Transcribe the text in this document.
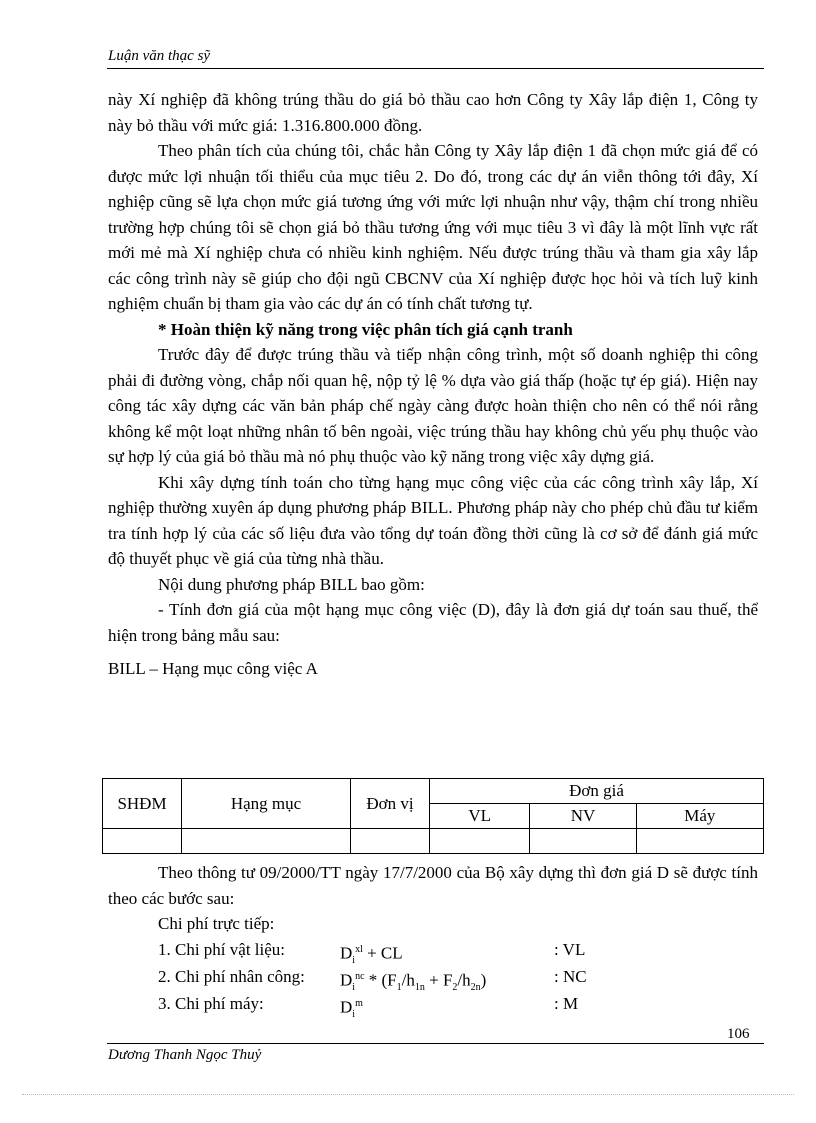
Luận văn thạc sỹ

này Xí nghiệp đã không trúng thầu do giá bỏ thầu cao hơn Công ty Xây lắp điện 1, Công ty này bỏ thầu với mức giá: 1.316.800.000 đồng.

Theo phân tích của chúng tôi, chắc hẳn Công ty Xây lắp điện 1 đã chọn mức giá để có được mức lợi nhuận tối thiểu của mục tiêu 2. Do đó, trong các dự án viễn thông tới đây, Xí nghiệp cũng sẽ lựa chọn mức giá tương ứng với mức lợi nhuận như vậy, thậm chí trong nhiều trường hợp chúng tôi sẽ chọn giá bỏ thầu tương ứng với mục tiêu 3 vì đây là một lĩnh vực rất mới mẻ mà Xí nghiệp chưa có nhiều kinh nghiệm. Nếu được trúng thầu và tham gia xây lắp các công trình này sẽ giúp cho đội ngũ CBCNV của Xí nghiệp được học hỏi và tích luỹ kinh nghiệm chuẩn bị tham gia vào các dự án có tính chất tương tự.

* Hoàn thiện kỹ năng trong việc phân tích giá cạnh tranh

Trước đây để được trúng thầu và tiếp nhận công trình, một số doanh nghiệp thi công phải đi đường vòng, chắp nối quan hệ, nộp tỷ lệ % dựa vào giá thấp (hoặc tự ép giá). Hiện nay công tác xây dựng các văn bản pháp chế ngày càng được hoàn thiện cho nên có thể nói rằng không kể một loạt những nhân tố bên ngoài, việc trúng thầu hay không chủ yếu phụ thuộc vào sự hợp lý của giá bỏ thầu mà nó phụ thuộc vào kỹ năng trong việc xây dựng giá.

Khi xây dựng tính toán cho từng hạng mục công việc của các công trình xây lắp, Xí nghiệp thường xuyên áp dụng phương pháp BILL. Phương pháp này cho phép chủ đầu tư kiểm tra tính hợp lý của các số liệu đưa vào tổng dự toán đồng thời cũng là cơ sở để đánh giá mức độ thuyết phục về giá của từng nhà thầu.

Nội dung phương pháp BILL bao gồm:

- Tính đơn giá của một hạng mục công việc (D), đây là đơn giá dự toán sau thuế, thể hiện trong bảng mẫu sau:

BILL – Hạng mục công việc A

SHĐM	Hạng mục	Đơn vị	Đơn giá		
			VL	NV	Máy

Theo thông tư 09/2000/TT ngày 17/7/2000 của Bộ xây dựng thì đơn giá D sẽ được tính theo các bước sau:

Chi phí trực tiếp:

1. Chi phí vật liệu:	$D_i^{xl}$ + CL	: VL
2. Chi phí nhân công: $D_i^{nc} * (F_1/h_{1n} + F_2/h_{2n})$	: NC
3. Chi phí máy:	$D_i^m$	: M
106
Dương Thanh Ngọc Thuỷ
